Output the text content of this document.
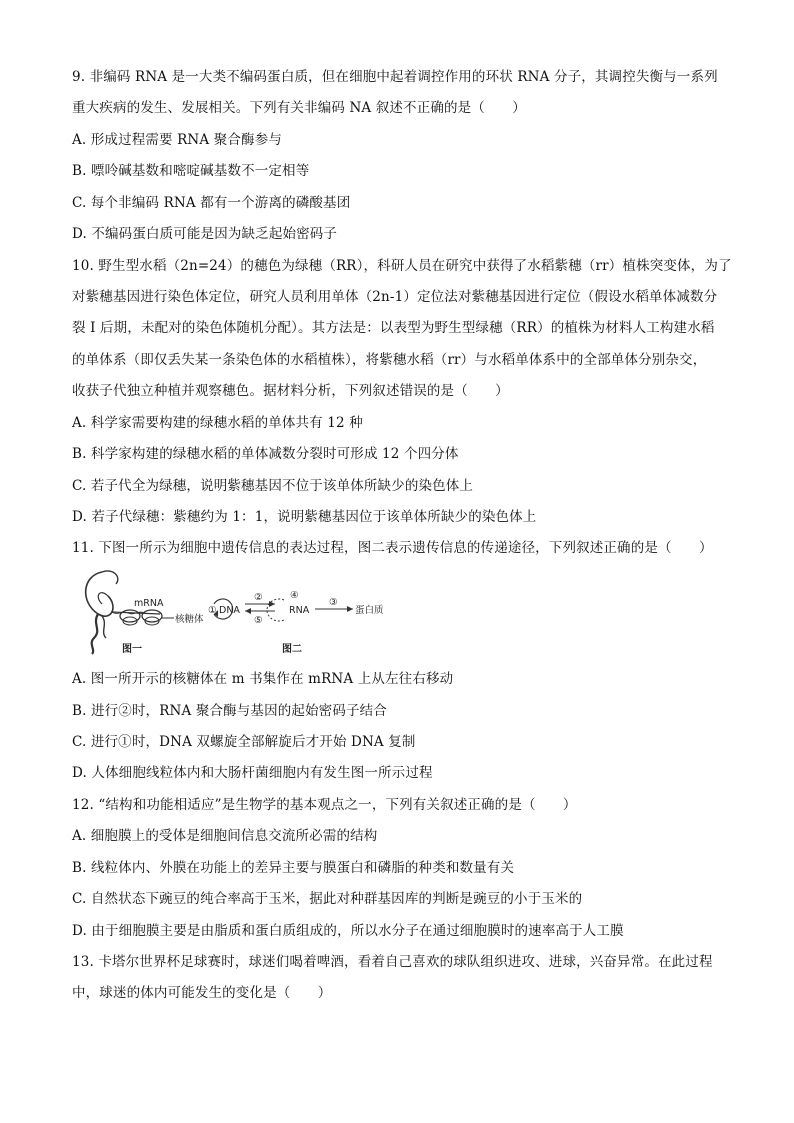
9. 非编码 RNA 是一大类不编码蛋白质，但在细胞中起着调控作用的环状 RNA 分子，其调控失衡与一系列
重大疾病的发生、发展相关。下列有关非编码 NA 叙述不正确的是（　　）
A. 形成过程需要 RNA 聚合酶参与
B. 嘌呤碱基数和嘧啶碱基数不一定相等
C. 每个非编码 RNA 都有一个游离的磷酸基团
D. 不编码蛋白质可能是因为缺乏起始密码子
10. 野生型水稻（2n=24）的穗色为绿穗（RR），科研人员在研究中获得了水稻紫穗（rr）植株突变体，为了
对紫穗基因进行染色体定位，研究人员利用单体（2n-1）定位法对紫穗基因进行定位（假设水稻单体减数分
裂 I 后期，未配对的染色体随机分配）。其方法是：以表型为野生型绿穗（RR）的植株为材料人工构建水稻
的单体系（即仅丢失某一条染色体的水稻植株），将紫穗水稻（rr）与水稻单体系中的全部单体分别杂交，
收获子代独立种植并观察穗色。据材料分析，下列叙述错误的是（　　）
A. 科学家需要构建的绿穗水稻的单体共有 12 种
B. 科学家构建的绿穗水稻的单体减数分裂时可形成 12 个四分体
C. 若子代全为绿穗，说明紫穗基因不位于该单体所缺少的染色体上
D. 若子代绿穗：紫穗约为 1：1，说明紫穗基因位于该单体所缺少的染色体上
11. 下图一所示为细胞中遗传信息的表达过程，图二表示遗传信息的传递途径，下列叙述正确的是（　　）
mRNA
核糖体
图一
① DNA
②
⑤
④
RNA
③
蛋白质
图二
A. 图一所开示的核糖体在 m 书集作在 mRNA 上从左往右移动
B. 进行②时，RNA 聚合酶与基因的起始密码子结合
C. 进行①时，DNA 双螺旋全部解旋后才开始 DNA 复制
D. 人体细胞线粒体内和大肠杆菌细胞内有发生图一所示过程
12. “结构和功能相适应”是生物学的基本观点之一，下列有关叙述正确的是（　　）
A. 细胞膜上的受体是细胞间信息交流所必需的结构
B. 线粒体内、外膜在功能上的差异主要与膜蛋白和磷脂的种类和数量有关
C. 自然状态下豌豆的纯合率高于玉米，据此对种群基因库的判断是豌豆的小于玉米的
D. 由于细胞膜主要是由脂质和蛋白质组成的，所以水分子在通过细胞膜时的速率高于人工膜
13. 卡塔尔世界杯足球赛时，球迷们喝着啤酒，看着自己喜欢的球队组织进攻、进球，兴奋异常。在此过程
中，球迷的体内可能发生的变化是（　　）
